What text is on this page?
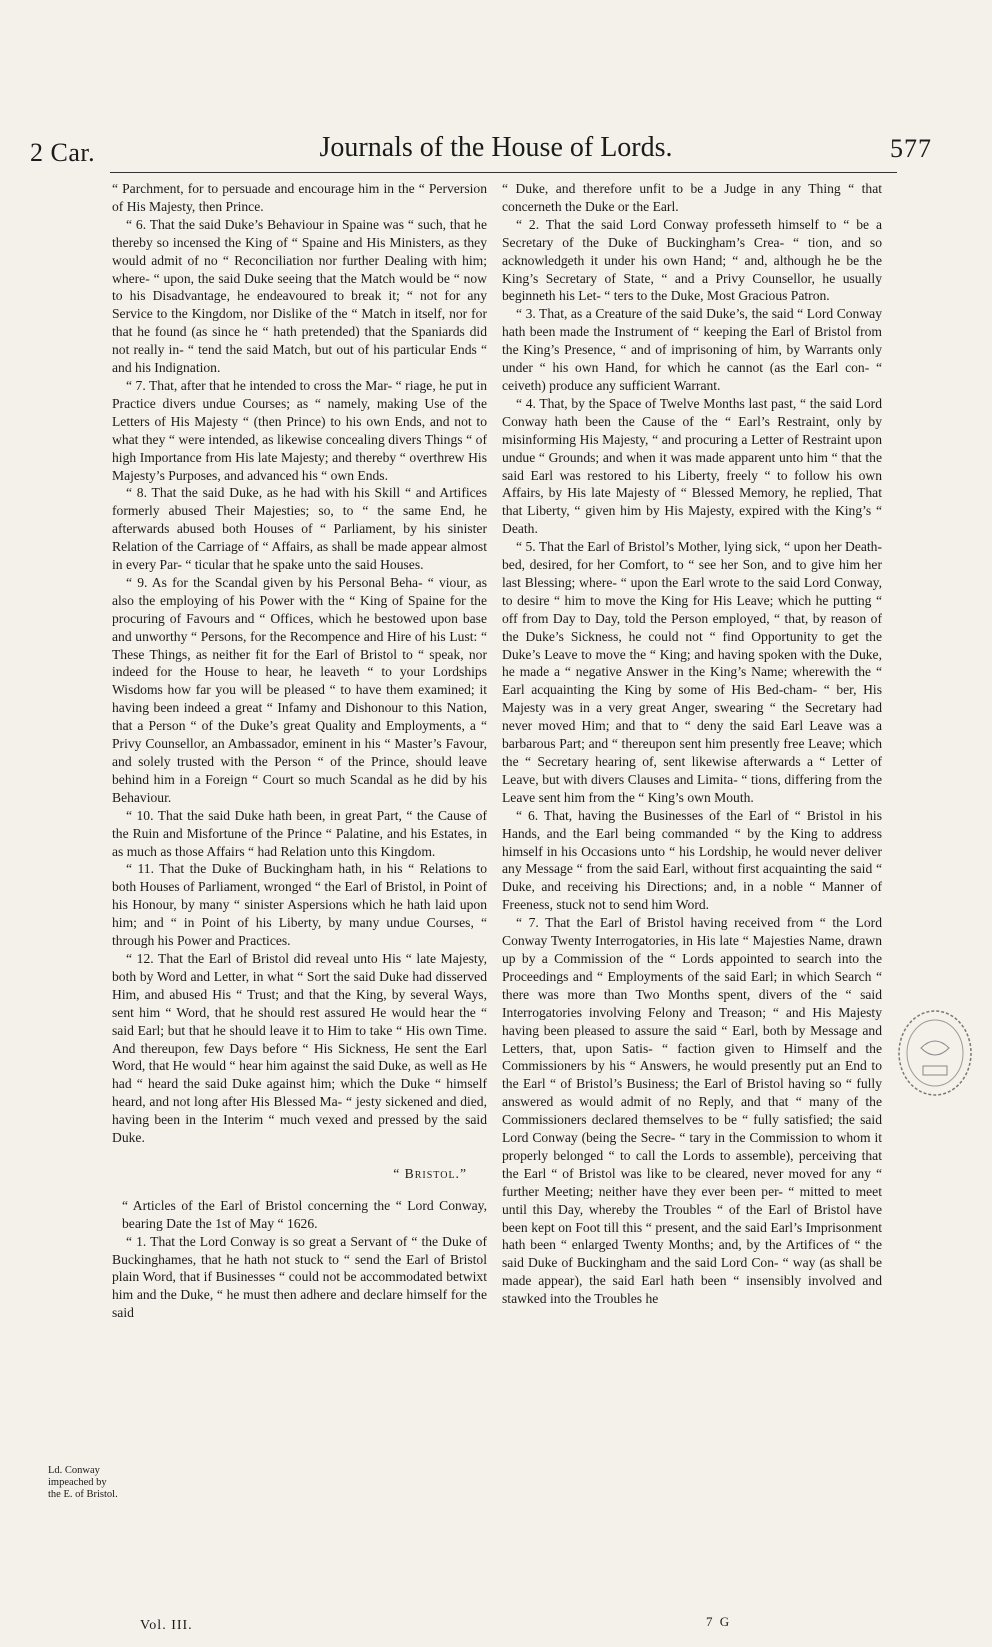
2 Car.	Journals of the House of Lords.	577

“ Parchment, for to persuade and encourage him in the “ Perversion of His Majesty, then Prince.

“ 6. That the said Duke’s Behaviour in Spaine was “ such, that he thereby so incensed the King of “ Spaine and His Ministers, as they would admit of no “ Reconciliation nor further Dealing with him; where- “ upon, the said Duke seeing that the Match would be “ now to his Disadvantage, he endeavoured to break it; “ not for any Service to the Kingdom, nor Dislike of the “ Match in itself, nor for that he found (as since he “ hath pretended) that the Spaniards did not really in- “ tend the said Match, but out of his particular Ends “ and his Indignation.

“ 7. That, after that he intended to cross the Mar- “ riage, he put in Practice divers undue Courses; as “ namely, making Use of the Letters of His Majesty “ (then Prince) to his own Ends, and not to what they “ were intended, as likewise concealing divers Things “ of high Importance from His late Majesty; and thereby “ overthrew His Majesty’s Purposes, and advanced his “ own Ends.

“ 8. That the said Duke, as he had with his Skill “ and Artifices formerly abused Their Majesties; so, to “ the same End, he afterwards abused both Houses of “ Parliament, by his sinister Relation of the Carriage of “ Affairs, as shall be made appear almost in every Par- “ ticular that he spake unto the said Houses.

“ 9. As for the Scandal given by his Personal Beha- “ viour, as also the employing of his Power with the “ King of Spaine for the procuring of Favours and “ Offices, which he bestowed upon base and unworthy “ Persons, for the Recompence and Hire of his Lust: “ These Things, as neither fit for the Earl of Bristol to “ speak, nor indeed for the House to hear, he leaveth “ to your Lordships Wisdoms how far you will be pleased “ to have them examined; it having been indeed a great “ Infamy and Dishonour to this Nation, that a Person “ of the Duke’s great Quality and Employments, a “ Privy Counsellor, an Ambassador, eminent in his “ Master’s Favour, and solely trusted with the Person “ of the Prince, should leave behind him in a Foreign “ Court so much Scandal as he did by his Behaviour.

“ 10. That the said Duke hath been, in great Part, “ the Cause of the Ruin and Misfortune of the Prince “ Palatine, and his Estates, in as much as those Affairs “ had Relation unto this Kingdom.

“ 11. That the Duke of Buckingham hath, in his “ Relations to both Houses of Parliament, wronged “ the Earl of Bristol, in Point of his Honour, by many “ sinister Aspersions which he hath laid upon him; and “ in Point of his Liberty, by many undue Courses, “ through his Power and Practices.

“ 12. That the Earl of Bristol did reveal unto His “ late Majesty, both by Word and Letter, in what “ Sort the said Duke had disserved Him, and abused His “ Trust; and that the King, by several Ways, sent him “ Word, that he should rest assured He would hear the “ said Earl; but that he should leave it to Him to take “ His own Time. And thereupon, few Days before “ His Sickness, He sent the Earl Word, that He would “ hear him against the said Duke, as well as He had “ heard the said Duke against him; which the Duke “ himself heard, and not long after His Blessed Ma- “ jesty sickened and died, having been in the Interim “ much vexed and pressed by the said Duke.

“ Bristol.”

“ Articles of the Earl of Bristol concerning the “ Lord Conway, bearing Date the 1st of May “ 1626.

“ 1. That the Lord Conway is so great a Servant of “ the Duke of Buckinghames, that he hath not stuck to “ send the Earl of Bristol plain Word, that if Businesses “ could not be accommodated betwixt him and the Duke, “ he must then adhere and declare himself for the said

Ld. Conway impeached by the E. of Bristol.

“ Duke, and therefore unfit to be a Judge in any Thing “ that concerneth the Duke or the Earl.

“ 2. That the said Lord Conway professeth himself to “ be a Secretary of the Duke of Buckingham’s Crea- “ tion, and so acknowledgeth it under his own Hand; “ and, although he be the King’s Secretary of State, “ and a Privy Counsellor, he usually beginneth his Let- “ ters to the Duke, Most Gracious Patron.

“ 3. That, as a Creature of the said Duke’s, the said “ Lord Conway hath been made the Instrument of “ keeping the Earl of Bristol from the King’s Presence, “ and of imprisoning of him, by Warrants only under “ his own Hand, for which he cannot (as the Earl con- “ ceiveth) produce any sufficient Warrant.

“ 4. That, by the Space of Twelve Months last past, “ the said Lord Conway hath been the Cause of the “ Earl’s Restraint, only by misinforming His Majesty, “ and procuring a Letter of Restraint upon undue “ Grounds; and when it was made apparent unto him “ that the said Earl was restored to his Liberty, freely “ to follow his own Affairs, by His late Majesty of “ Blessed Memory, he replied, That that Liberty, “ given him by His Majesty, expired with the King’s “ Death.

“ 5. That the Earl of Bristol’s Mother, lying sick, “ upon her Death-bed, desired, for her Comfort, to “ see her Son, and to give him her last Blessing; where- “ upon the Earl wrote to the said Lord Conway, to desire “ him to move the King for His Leave; which he putting “ off from Day to Day, told the Person employed, “ that, by reason of the Duke’s Sickness, he could not “ find Opportunity to get the Duke’s Leave to move the “ King; and having spoken with the Duke, he made a “ negative Answer in the King’s Name; wherewith the “ Earl acquainting the King by some of His Bed-cham- “ ber, His Majesty was in a very great Anger, swearing “ the Secretary had never moved Him; and that to “ deny the said Earl Leave was a barbarous Part; and “ thereupon sent him presently free Leave; which the “ Secretary hearing of, sent likewise afterwards a “ Letter of Leave, but with divers Clauses and Limita- “ tions, differing from the Leave sent him from the “ King’s own Mouth.

“ 6. That, having the Businesses of the Earl of “ Bristol in his Hands, and the Earl being commanded “ by the King to address himself in his Occasions unto “ his Lordship, he would never deliver any Message “ from the said Earl, without first acquainting the said “ Duke, and receiving his Directions; and, in a noble “ Manner of Freeness, stuck not to send him Word.

“ 7. That the Earl of Bristol having received from “ the Lord Conway Twenty Interrogatories, in His late “ Majesties Name, drawn up by a Commission of the “ Lords appointed to search into the Proceedings and “ Employments of the said Earl; in which Search “ there was more than Two Months spent, divers of the “ said Interrogatories involving Felony and Treason; “ and His Majesty having been pleased to assure the said “ Earl, both by Message and Letters, that, upon Satis- “ faction given to Himself and the Commissioners by his “ Answers, he would presently put an End to the Earl “ of Bristol’s Business; the Earl of Bristol having so “ fully answered as would admit of no Reply, and that “ many of the Commissioners declared themselves to be “ fully satisfied; the said Lord Conway (being the Secre- “ tary in the Commission to whom it properly belonged “ to call the Lords to assemble), perceiving that the Earl “ of Bristol was like to be cleared, never moved for any “ further Meeting; neither have they ever been per- “ mitted to meet until this Day, whereby the Troubles “ of the Earl of Bristol have been kept on Foot till this “ present, and the said Earl’s Imprisonment hath been “ enlarged Twenty Months; and, by the Artifices of “ the said Duke of Buckingham and the said Lord Con- “ way (as shall be made appear), the said Earl hath been “ insensibly involved and stawked into the Troubles he

Vol. III.	7 G
